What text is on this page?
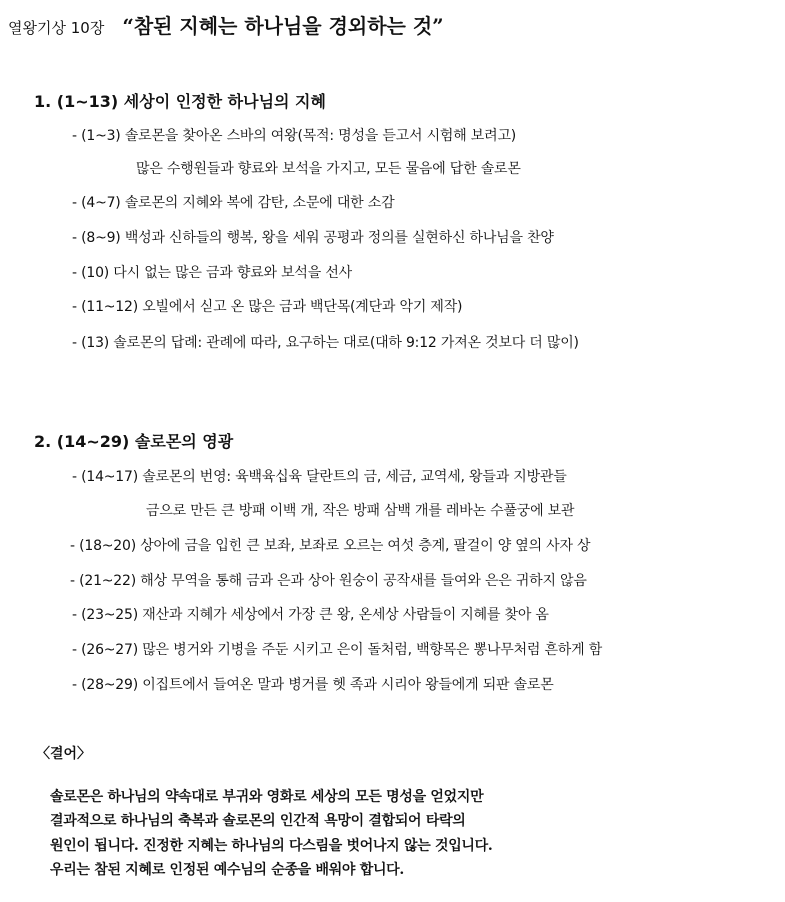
열왕기상 10장 “참된 지혜는 하나님을 경외하는 것”
1. (1~13) 세상이 인정한 하나님의 지혜
- (1~3) 솔로몬을 찾아온 스바의 여왕(목적: 명성을 듣고서 시험해 보려고)
많은 수행원들과 향료와 보석을 가지고, 모든 물음에 답한 솔로몬
- (4~7) 솔로몬의 지혜와 복에 감탄, 소문에 대한 소감
- (8~9) 백성과 신하들의 행복, 왕을 세워 공평과 정의를 실현하신 하나님을 찬양
- (10) 다시 없는 많은 금과 향료와 보석을 선사
- (11~12) 오빌에서 싣고 온 많은 금과 백단목(계단과 악기 제작)
- (13) 솔로몬의 답례: 관례에 따라, 요구하는 대로(대하 9:12 가져온 것보다 더 많이)
2. (14~29) 솔로몬의 영광
- (14~17) 솔로몬의 번영: 육백육십육 달란트의 금, 세금, 교역세, 왕들과 지방관들
금으로 만든 큰 방패 이백 개, 작은 방패 삼백 개를 레바논 수풀궁에 보관
- (18~20) 상아에 금을 입힌 큰 보좌, 보좌로 오르는 여섯 층계, 팔걸이 양 옆의 사자 상
- (21~22) 해상 무역을 통해 금과 은과 상아 원숭이 공작새를 들여와 은은 귀하지 않음
- (23~25) 재산과 지혜가 세상에서 가장 큰 왕, 온세상 사람들이 지혜를 찾아 옴
- (26~27) 많은 병거와 기병을 주둔 시키고 은이 돌처럼, 백향목은 뽕나무처럼 흔하게 함
- (28~29) 이집트에서 들여온 말과 병거를 헷 족과 시리아 왕들에게 되판 솔로몬
〈결어〉
솔로몬은 하나님의 약속대로 부귀와 영화로 세상의 모든 명성을 얻었지만
결과적으로 하나님의 축복과 솔로몬의 인간적 욕망이 결합되어 타락의
원인이 됩니다. 진정한 지혜는 하나님의 다스림을 벗어나지 않는 것입니다.
우리는 참된 지혜로 인정된 예수님의 순종을 배워야 합니다.
